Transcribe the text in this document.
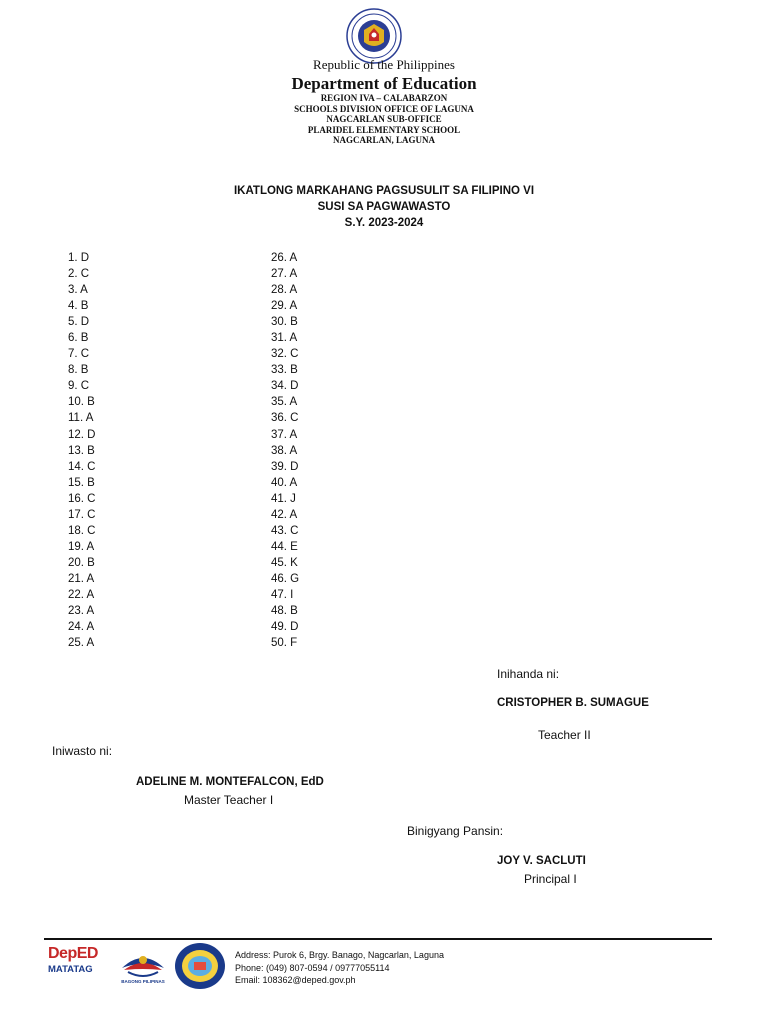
Republic of the Philippines
Department of Education
REGION IVA – CALABARZON
SCHOOLS DIVISION OFFICE OF LAGUNA
NAGCARLAN SUB-OFFICE
PLARIDEL ELEMENTARY SCHOOL
NAGCARLAN, LAGUNA
IKATLONG MARKAHANG PAGSUSULIT SA FILIPINO VI
SUSI SA PAGWAWASTO
S.Y. 2023-2024
1. D
2. C
3. A
4. B
5. D
6. B
7. C
8. B
9. C
10. B
11. A
12. D
13. B
14. C
15. B
16. C
17. C
18. C
19. A
20. B
21. A
22. A
23. A
24. A
25. A
26. A
27. A
28. A
29. A
30. B
31. A
32. C
33. B
34. D
35. A
36. C
37. A
38. A
39. D
40. A
41. J
42. A
43. C
44. E
45. K
46. G
47. I
48. B
49. D
50. F
Inihanda ni:
CRISTOPHER B. SUMAGUE
Teacher II
Iniwasto ni:
ADELINE M. MONTEFALCON, EdD
Master Teacher I
Binigyang Pansin:
JOY V. SACLUTI
Principal I
DepED
MATATAG
BAGONG PILIPINAS
Address: Purok 6, Brgy. Banago, Nagcarlan, Laguna
Phone: (049) 807-0594 / 09777055114
Email: 108362@deped.gov.ph
